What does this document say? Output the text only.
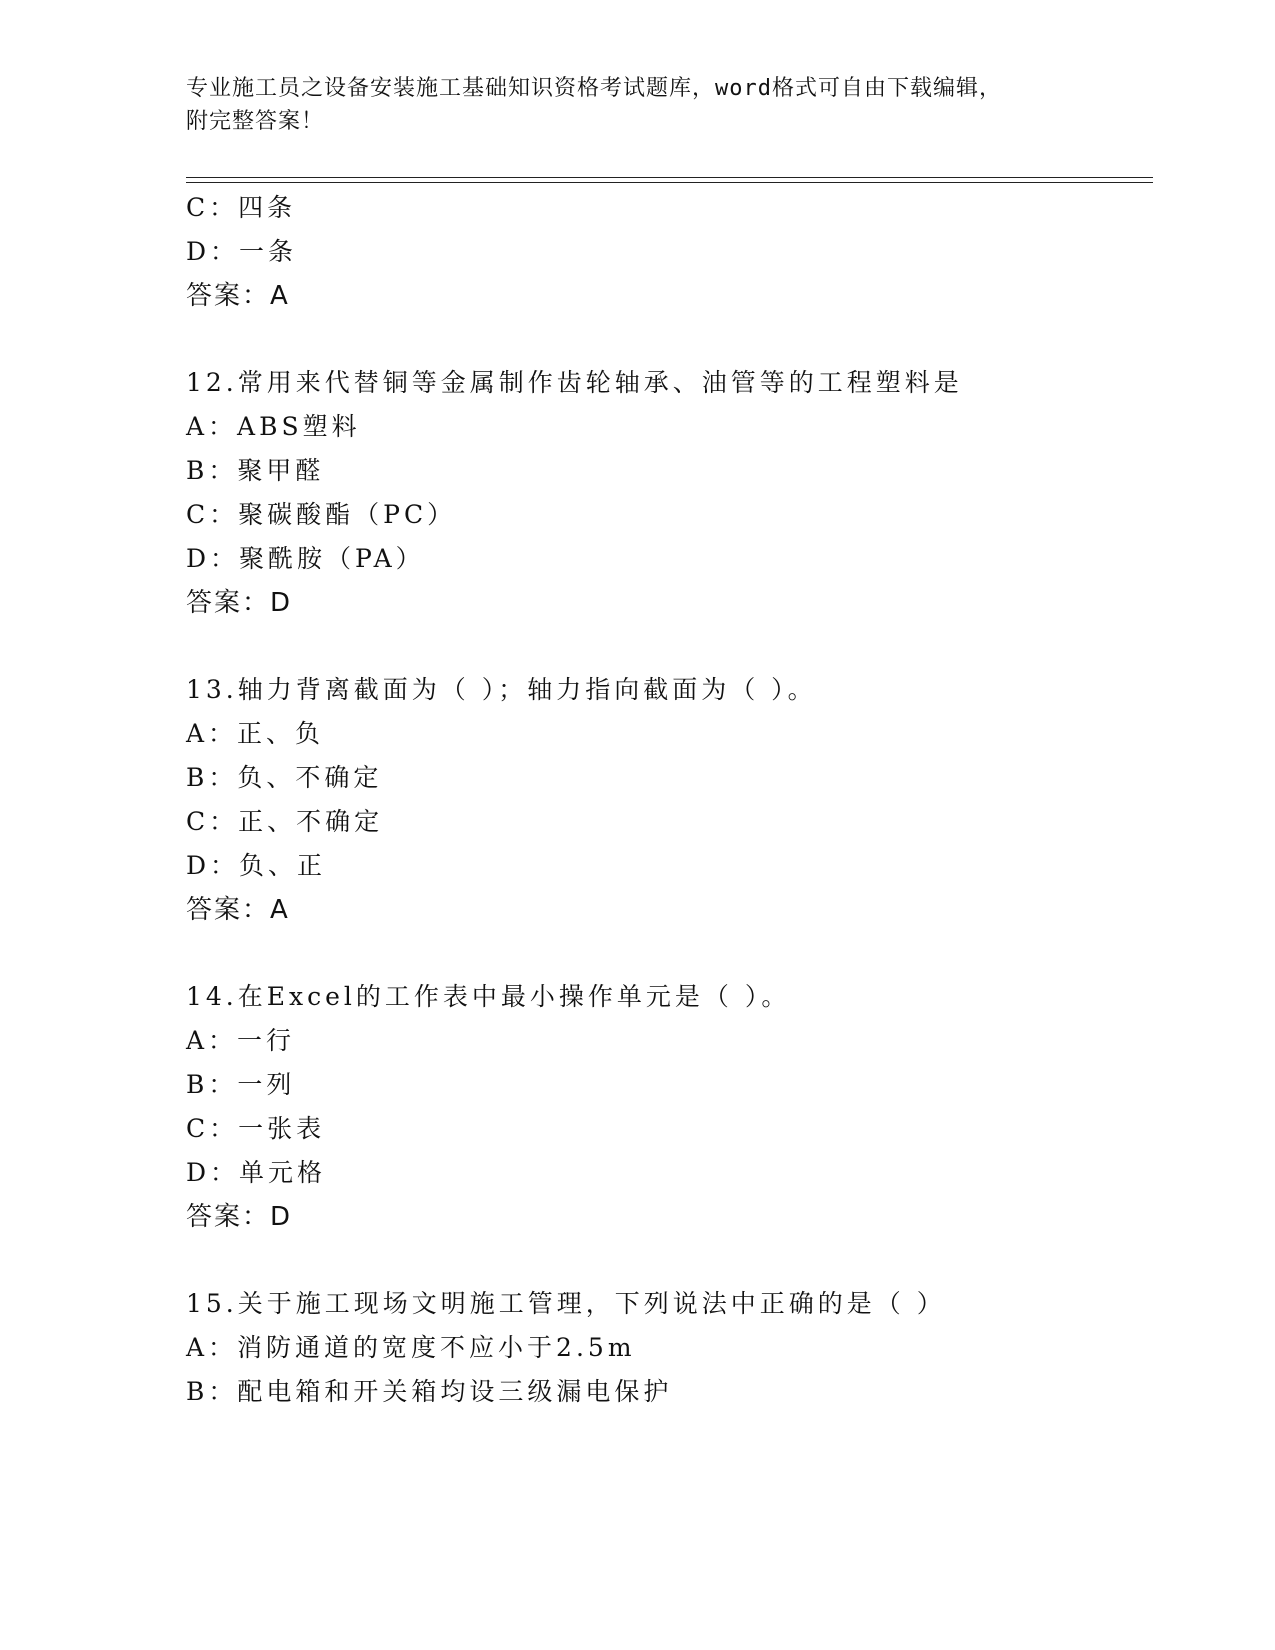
专业施工员之设备安装施工基础知识资格考试题库，word格式可自由下载编辑，
附完整答案！
C：四条
D：一条
答案：A
12.常用来代替铜等金属制作齿轮轴承、油管等的工程塑料是
A：ABS塑料
B：聚甲醛
C：聚碳酸酯（PC）
D：聚酰胺（PA）
答案：D
13.轴力背离截面为（ ）；轴力指向截面为（ ）。
A：正、负
B：负、不确定
C：正、不确定
D：负、正
答案：A
14.在Excel的工作表中最小操作单元是（ ）。
A：一行
B：一列
C：一张表
D：单元格
答案：D
15.关于施工现场文明施工管理，下列说法中正确的是（ ）
A：消防通道的宽度不应小于2.5m
B：配电箱和开关箱均设三级漏电保护
